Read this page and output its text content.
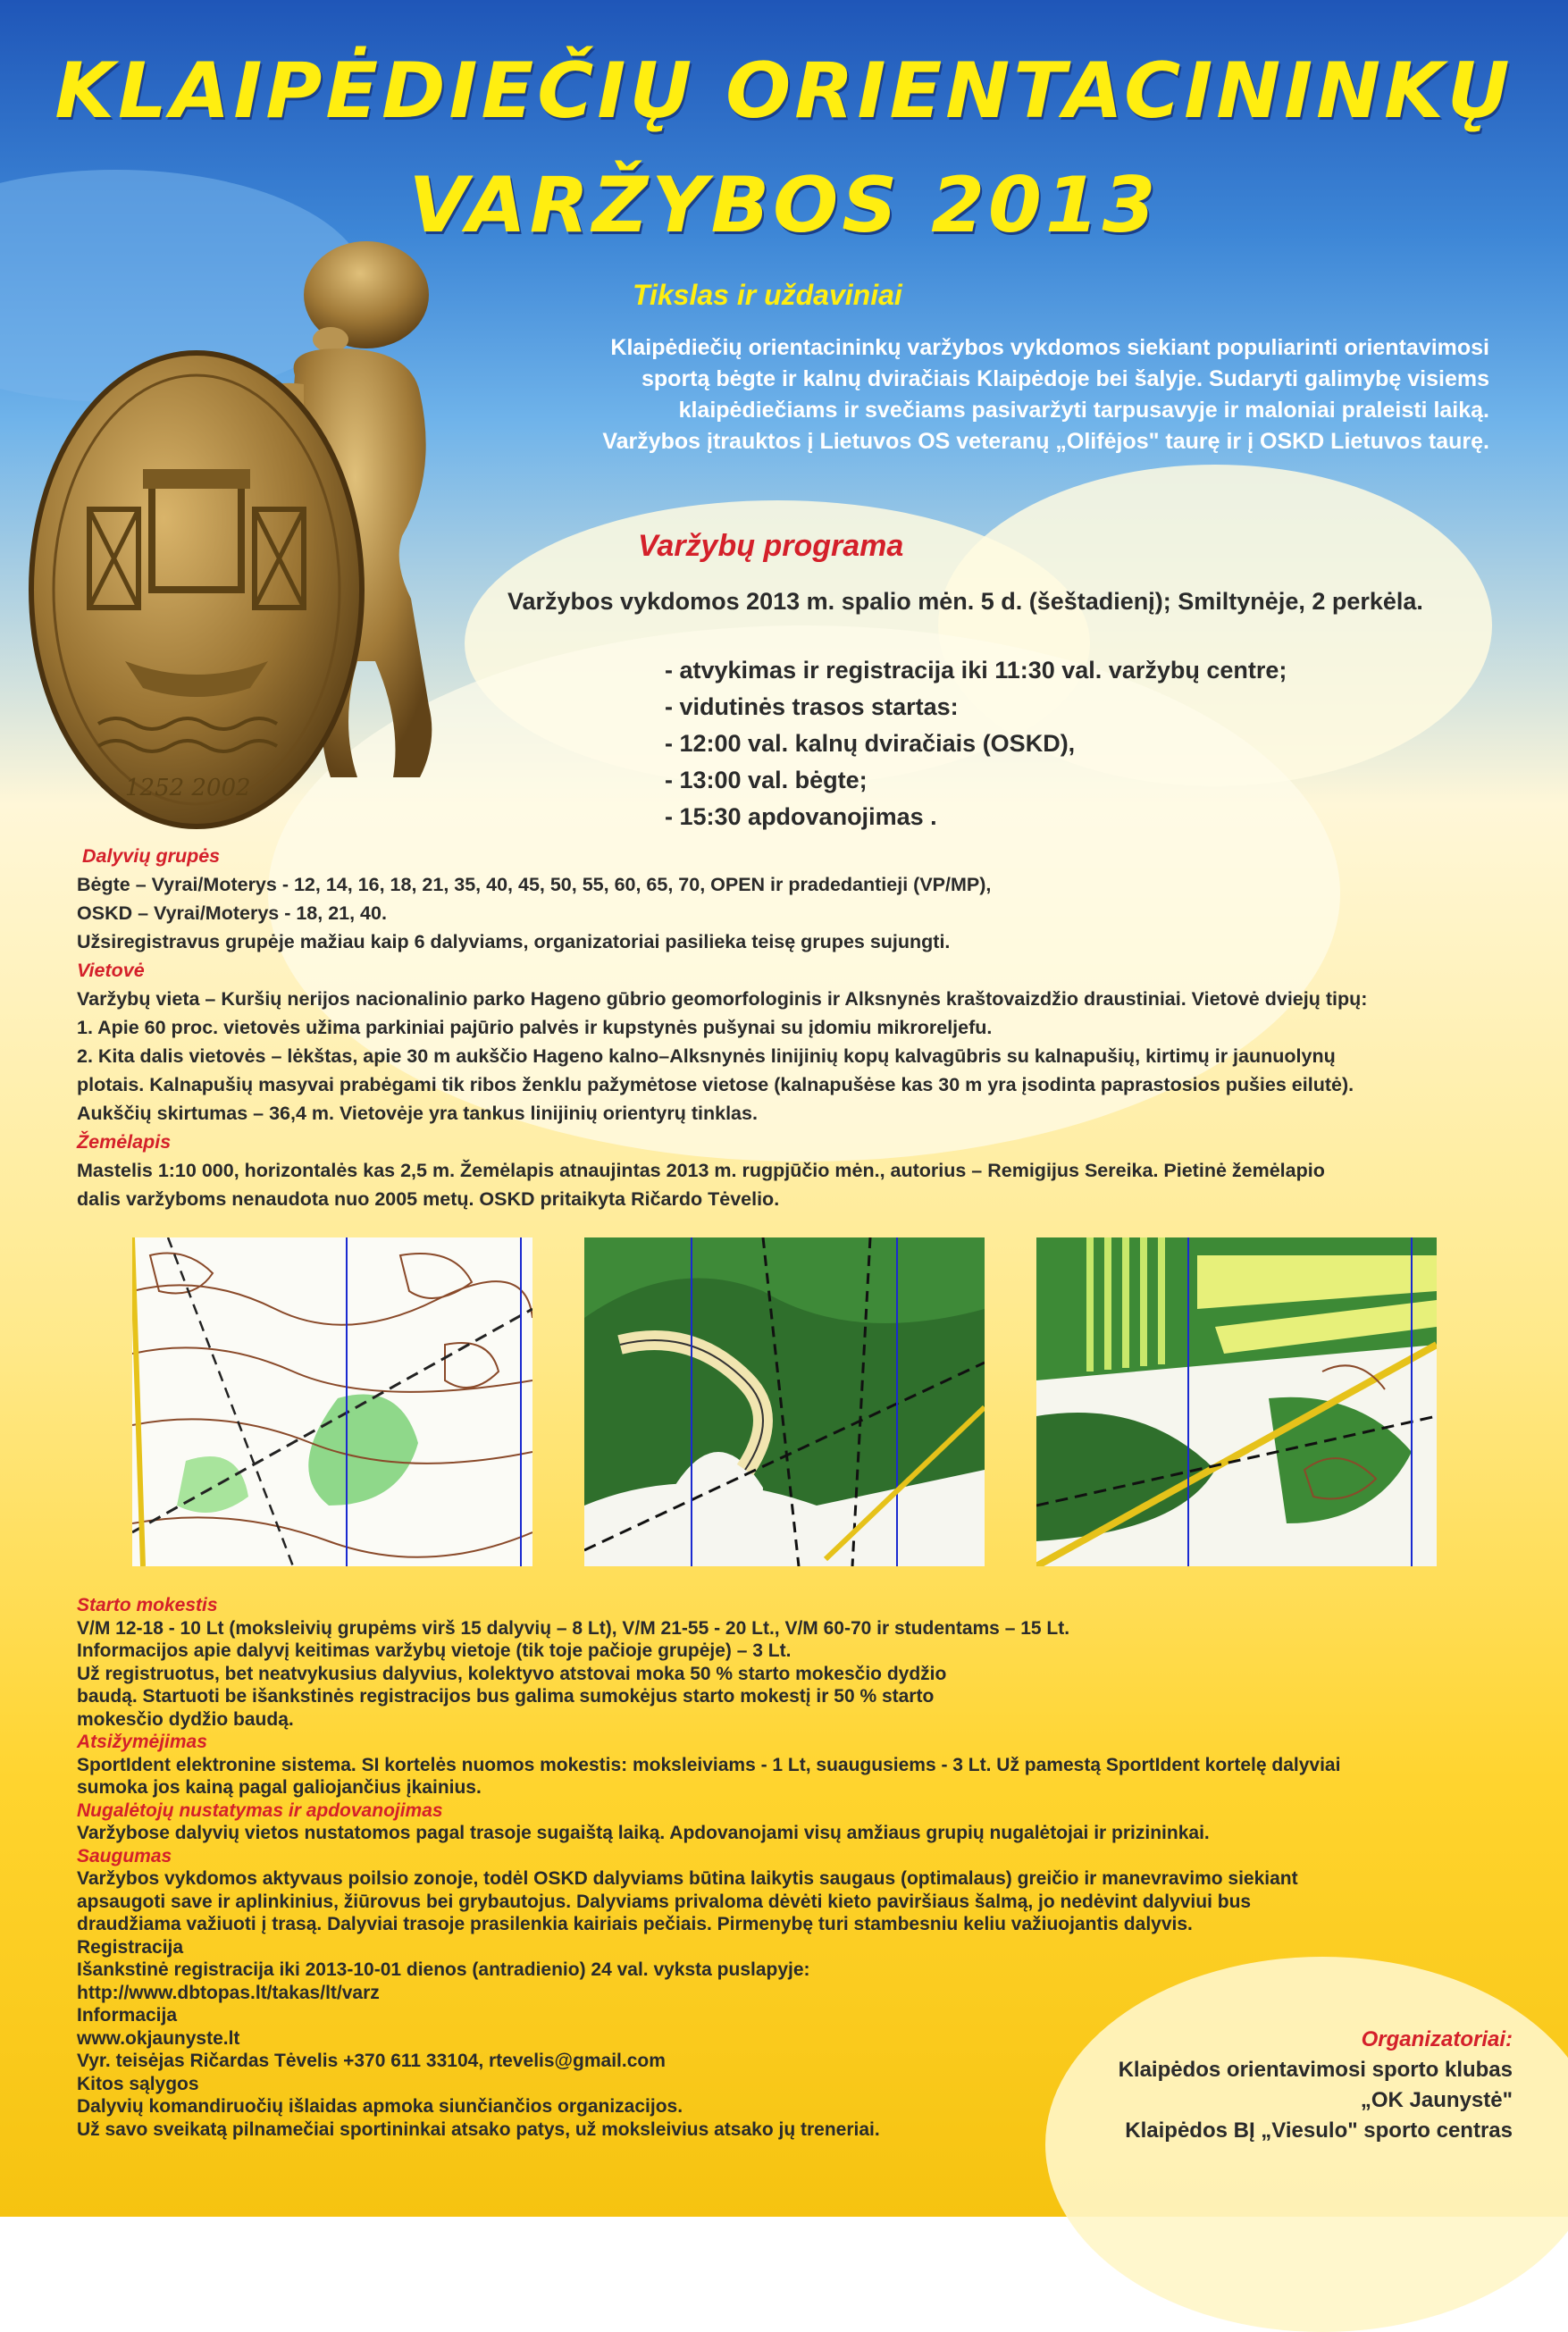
KLAIPĖDIEČIŲ ORIENTACININKŲ
VARŽYBOS 2013
1252 2002
Tikslas ir uždaviniai
Klaipėdiečių orientacininkų varžybos vykdomos siekiant populiarinti orientavimosi
sportą bėgte ir kalnų dviračiais Klaipėdoje bei šalyje. Sudaryti galimybę visiems
klaipėdiečiams ir svečiams pasivaržyti tarpusavyje ir maloniai praleisti laiką.
Varžybos įtrauktos į Lietuvos OS veteranų „Olifėjos" taurę ir į OSKD Lietuvos taurę.
Varžybų programa
Varžybos vykdomos 2013 m. spalio mėn. 5 d. (šeštadienį); Smiltynėje, 2 perkėla.
- atvykimas ir registracija iki 11:30 val. varžybų centre;
- vidutinės trasos startas:
- 12:00 val. kalnų dviračiais (OSKD),
- 13:00 val. bėgte;
- 15:30 apdovanojimas .
Dalyvių grupės
Bėgte – Vyrai/Moterys - 12, 14, 16, 18, 21, 35, 40, 45, 50, 55, 60, 65, 70, OPEN ir pradedantieji (VP/MP),
OSKD – Vyrai/Moterys - 18, 21, 40.
Užsiregistravus grupėje mažiau kaip 6 dalyviams, organizatoriai pasilieka teisę grupes sujungti.
Vietovė
Varžybų vieta – Kuršių nerijos nacionalinio parko Hageno gūbrio geomorfologinis ir Alksnynės kraštovaizdžio draustiniai. Vietovė dviejų tipų:
1. Apie 60 proc. vietovės užima parkiniai pajūrio palvės ir kupstynės pušynai su įdomiu mikroreljefu.
2. Kita dalis vietovės – lėkštas, apie 30 m aukščio Hageno kalno–Alksnynės linijinių kopų kalvagūbris su kalnapušių, kirtimų ir jaunuolynų
plotais. Kalnapušių masyvai prabėgami tik ribos ženklu pažymėtose vietose (kalnapušėse kas 30 m yra įsodinta paprastosios pušies eilutė).
Aukščių skirtumas – 36,4 m. Vietovėje yra tankus linijinių orientyrų tinklas.
Žemėlapis
Mastelis 1:10 000, horizontalės kas 2,5 m. Žemėlapis atnaujintas 2013 m. rugpjūčio mėn., autorius – Remigijus Sereika. Pietinė žemėlapio
dalis varžyboms nenaudota nuo 2005 metų. OSKD pritaikyta Ričardo Tėvelio.
Starto mokestis
V/M 12-18 - 10 Lt (moksleivių grupėms virš 15 dalyvių – 8 Lt), V/M 21-55 - 20 Lt., V/M 60-70 ir studentams – 15 Lt.
Informacijos apie dalyvį keitimas varžybų vietoje (tik toje pačioje grupėje) – 3 Lt.
Už registruotus, bet neatvykusius dalyvius, kolektyvo atstovai moka 50 % starto mokesčio dydžio
baudą. Startuoti be išankstinės registracijos bus galima sumokėjus starto mokestį ir 50 % starto
mokesčio dydžio baudą.
Atsižymėjimas
SportIdent elektronine sistema. SI kortelės nuomos mokestis: moksleiviams - 1 Lt, suaugusiems - 3 Lt. Už pamestą SportIdent kortelę dalyviai
sumoka jos kainą pagal galiojančius įkainius.
Nugalėtojų nustatymas ir apdovanojimas
Varžybose dalyvių vietos nustatomos pagal trasoje sugaištą laiką. Apdovanojami visų amžiaus grupių nugalėtojai ir prizininkai.
Saugumas
Varžybos vykdomos aktyvaus poilsio zonoje, todėl OSKD dalyviams būtina laikytis saugaus (optimalaus) greičio ir manevravimo siekiant
apsaugoti save ir aplinkinius, žiūrovus bei grybautojus. Dalyviams privaloma dėvėti kieto paviršiaus šalmą, jo nedėvint dalyviui bus
draudžiama važiuoti į trasą. Dalyviai trasoje prasilenkia kairiais pečiais. Pirmenybę turi stambesniu keliu važiuojantis dalyvis.
Registracija
Išankstinė registracija iki 2013-10-01 dienos (antradienio) 24 val. vyksta puslapyje:
http://www.dbtopas.lt/takas/lt/varz
Informacija
www.okjaunyste.lt
Vyr. teisėjas Ričardas Tėvelis +370 611 33104, rtevelis@gmail.com
Kitos sąlygos
Dalyvių komandiruočių išlaidas apmoka siunčiančios organizacijos.
Už savo sveikatą pilnamečiai sportininkai atsako patys, už moksleivius atsako jų treneriai.
Organizatoriai:
Klaipėdos orientavimosi sporto klubas
„OK Jaunystė"
Klaipėdos BĮ „Viesulo" sporto centras
